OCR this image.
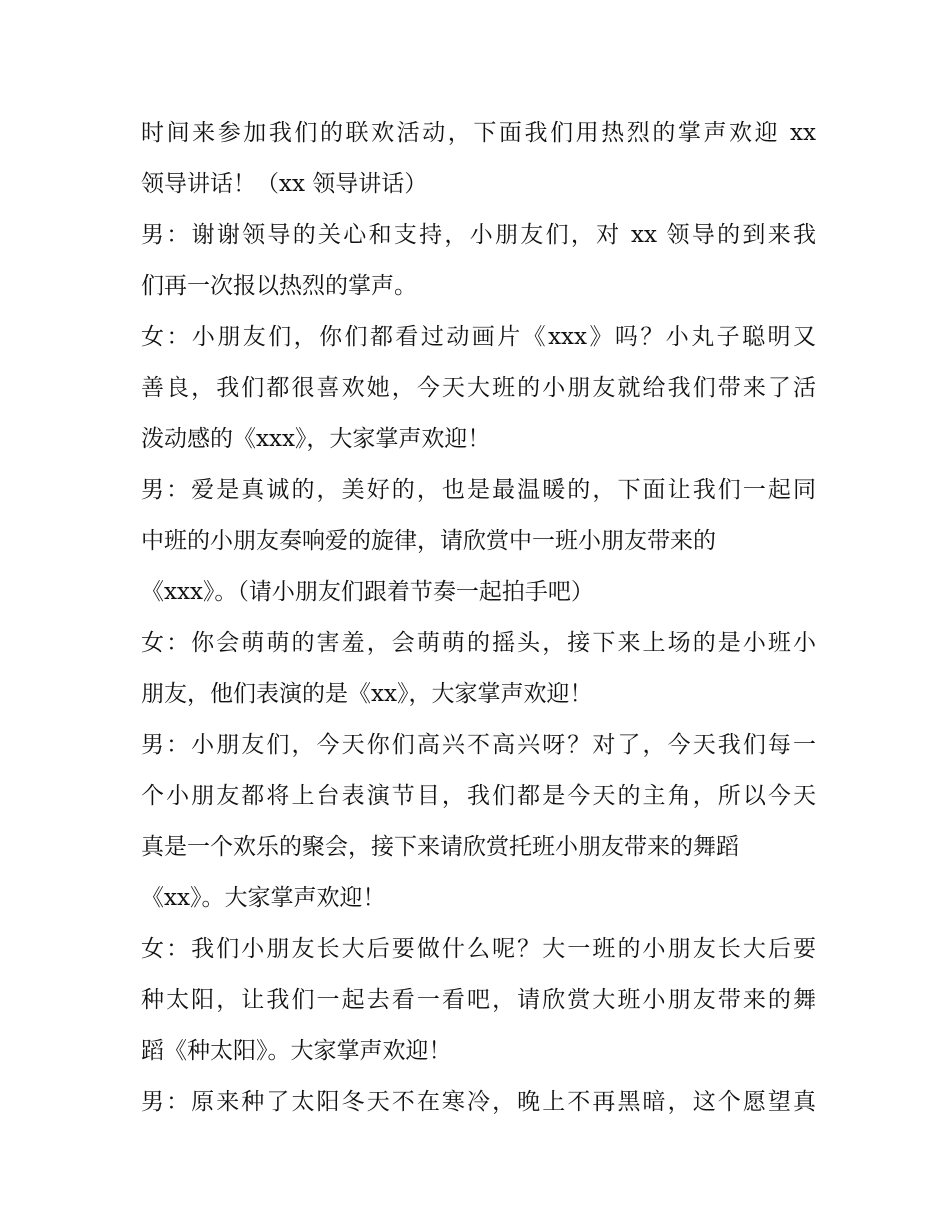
时间来参加我们的联欢活动，下面我们用热烈的掌声欢迎 xx
领导讲话！（xx 领导讲话）
男：谢谢领导的关心和支持，小朋友们，对 xx 领导的到来我
们再一次报以热烈的掌声。
女：小朋友们，你们都看过动画片《xxx》吗？小丸子聪明又
善良，我们都很喜欢她，今天大班的小朋友就给我们带来了活
泼动感的《xxx》，大家掌声欢迎！
男：爱是真诚的，美好的，也是最温暖的，下面让我们一起同
中班的小朋友奏响爱的旋律，请欣赏中一班小朋友带来的
《xxx》。（请小朋友们跟着节奏一起拍手吧）
女：你会萌萌的害羞，会萌萌的摇头，接下来上场的是小班小
朋友，他们表演的是《xx》，大家掌声欢迎！
男：小朋友们，今天你们高兴不高兴呀？对了，今天我们每一
个小朋友都将上台表演节目，我们都是今天的主角，所以今天
真是一个欢乐的聚会，接下来请欣赏托班小朋友带来的舞蹈
《xx》。大家掌声欢迎！
女：我们小朋友长大后要做什么呢？大一班的小朋友长大后要
种太阳，让我们一起去看一看吧，请欣赏大班小朋友带来的舞
蹈《种太阳》。大家掌声欢迎！
男：原来种了太阳冬天不在寒冷，晚上不再黑暗，这个愿望真
